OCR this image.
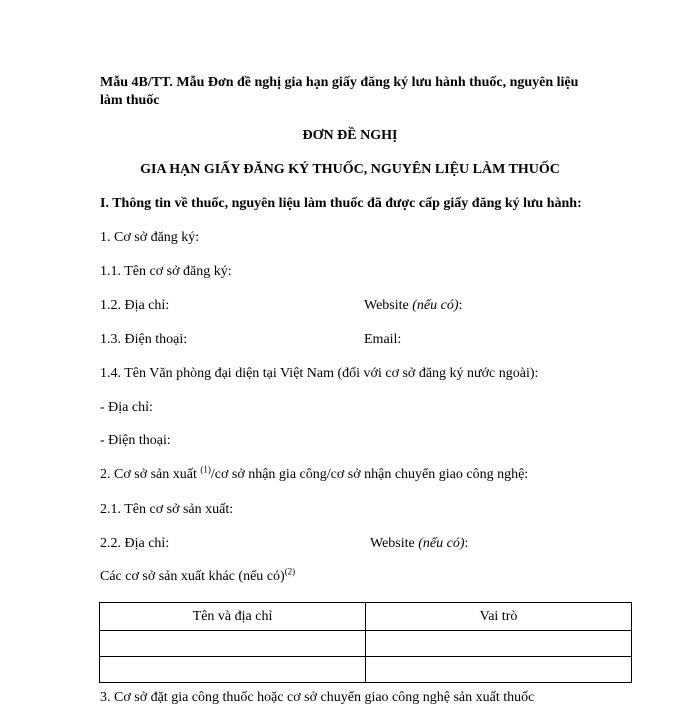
Mẫu 4B/TT. Mẫu Đơn đề nghị gia hạn giấy đăng ký lưu hành thuốc, nguyên liệu
làm thuốc
ĐƠN ĐỀ NGHỊ
GIA HẠN GIẤY ĐĂNG KÝ THUỐC, NGUYÊN LIỆU LÀM THUỐC
I. Thông tin về thuốc, nguyên liệu làm thuốc đã được cấp giấy đăng ký lưu hành:
1. Cơ sở đăng ký:
1.1. Tên cơ sở đăng ký:
1.2. Địa chỉ:	Website (nếu có):
1.3. Điện thoại:	Email:
1.4. Tên Văn phòng đại diện tại Việt Nam (đối với cơ sở đăng ký nước ngoài):
- Địa chỉ:
- Điện thoại:
2. Cơ sở sản xuất $^{(1)}$/cơ sở nhận gia công/cơ sở nhận chuyển giao công nghệ:
2.1. Tên cơ sở sản xuất:
2.2. Địa chỉ:	Website (nếu có):
Các cơ sở sản xuất khác (nếu có)$^{(2)}$
Tên và địa chỉ	Vai trò

3. Cơ sở đặt gia công thuốc hoặc cơ sở chuyển giao công nghệ sản xuất thuốc
